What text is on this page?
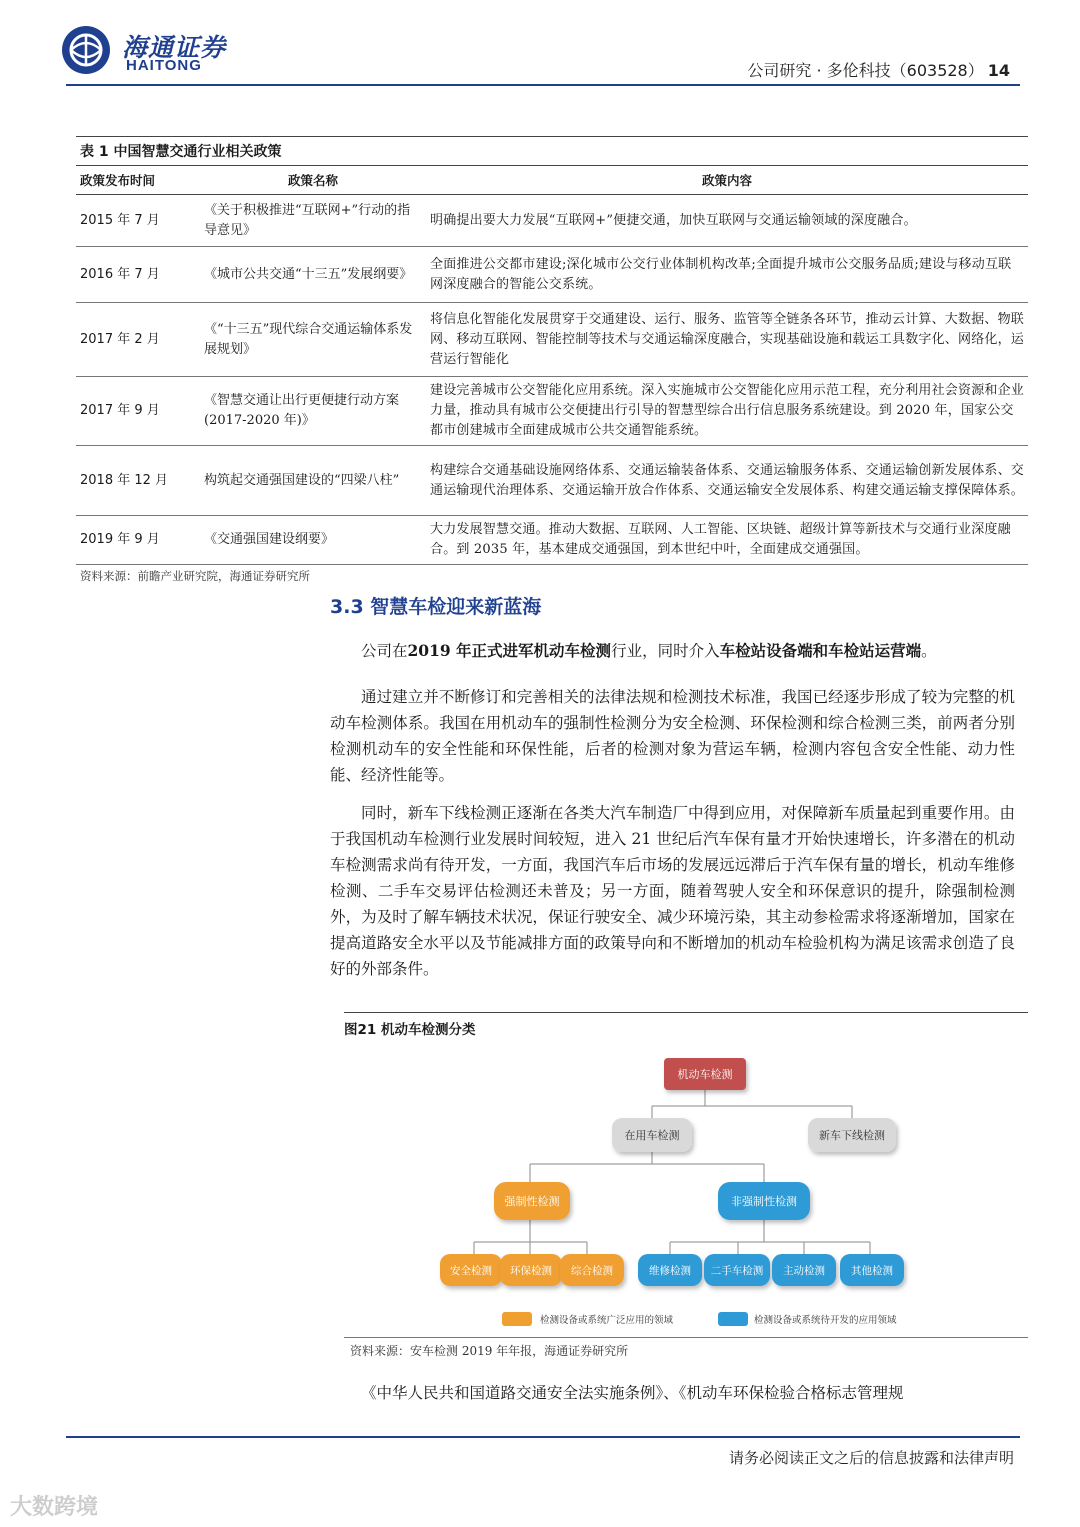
海通证券
HAITONG	公司研究 · 多伦科技（603528） 14
表 1 中国智慧交通行业相关政策
政策发布时间	政策名称	政策内容
2015 年 7 月	《关于积极推进“互联网+”行动的指导意见》	明确提出要大力发展“互联网+”便捷交通，加快互联网与交通运输领域的深度融合。
2016 年 7 月	《城市公共交通“十三五”发展纲要》	全面推进公交都市建设;深化城市公交行业体制机构改革;全面提升城市公交服务品质;建设与移动互联网深度融合的智能公交系统。
2017 年 2 月	《“十三五”现代综合交通运输体系发展规划》	将信息化智能化发展贯穿于交通建设、运行、服务、监管等全链条各环节，推动云计算、大数据、物联网、移动互联网、智能控制等技术与交通运输深度融合，实现基础设施和载运工具数字化、网络化，运营运行智能化
2017 年 9 月	《智慧交通让出行更便捷行动方案(2017-2020 年)》	建设完善城市公交智能化应用系统。深入实施城市公交智能化应用示范工程，充分利用社会资源和企业力量，推动具有城市公交便捷出行引导的智慧型综合出行信息服务系统建设。到 2020 年，国家公交都市创建城市全面建成城市公共交通智能系统。
2018 年 12 月	构筑起交通强国建设的“四梁八柱”	构建综合交通基础设施网络体系、交通运输装备体系、交通运输服务体系、交通运输创新发展体系、交通运输现代治理体系、交通运输开放合作体系、交通运输安全发展体系、构建交通运输支撑保障体系。
2019 年 9 月	《交通强国建设纲要》	大力发展智慧交通。推动大数据、互联网、人工智能、区块链、超级计算等新技术与交通行业深度融合。到 2035 年，基本建成交通强国，到本世纪中叶，全面建成交通强国。
资料来源：前瞻产业研究院，海通证券研究所
3.3 智慧车检迎来新蓝海
公司在2019 年正式进军机动车检测行业，同时介入车检站设备端和车检站运营端。
通过建立并不断修订和完善相关的法律法规和检测技术标准，我国已经逐步形成了较为完整的机动车检测体系。我国在用机动车的强制性检测分为安全检测、环保检测和综合检测三类，前两者分别检测机动车的安全性能和环保性能，后者的检测对象为营运车辆，检测内容包含安全性能、动力性能、经济性能等。
同时，新车下线检测正逐渐在各类大汽车制造厂中得到应用，对保障新车质量起到重要作用。由于我国机动车检测行业发展时间较短，进入 21 世纪后汽车保有量才开始快速增长，许多潜在的机动车检测需求尚有待开发，一方面，我国汽车后市场的发展远远滞后于汽车保有量的增长，机动车维修检测、二手车交易评估检测还未普及；另一方面，随着驾驶人安全和环保意识的提升，除强制检测外，为及时了解车辆技术状况，保证行驶安全、减少环境污染，其主动参检需求将逐渐增加，国家在提高道路安全水平以及节能减排方面的政策导向和不断增加的机动车检验机构为满足该需求创造了良好的外部条件。
图21 机动车检测分类
机动车检测
在用车检测	新车下线检测
强制性检测	非强制性检测
安全检测 环保检测 综合检测	维修检测 二手车检测 主动检测 其他检测
检测设备或系统广泛应用的领域	检测设备或系统待开发的应用领域
资料来源：安车检测 2019 年年报，海通证券研究所
《中华人民共和国道路交通安全法实施条例》、《机动车环保检验合格标志管理规
请务必阅读正文之后的信息披露和法律声明
大数跨境
